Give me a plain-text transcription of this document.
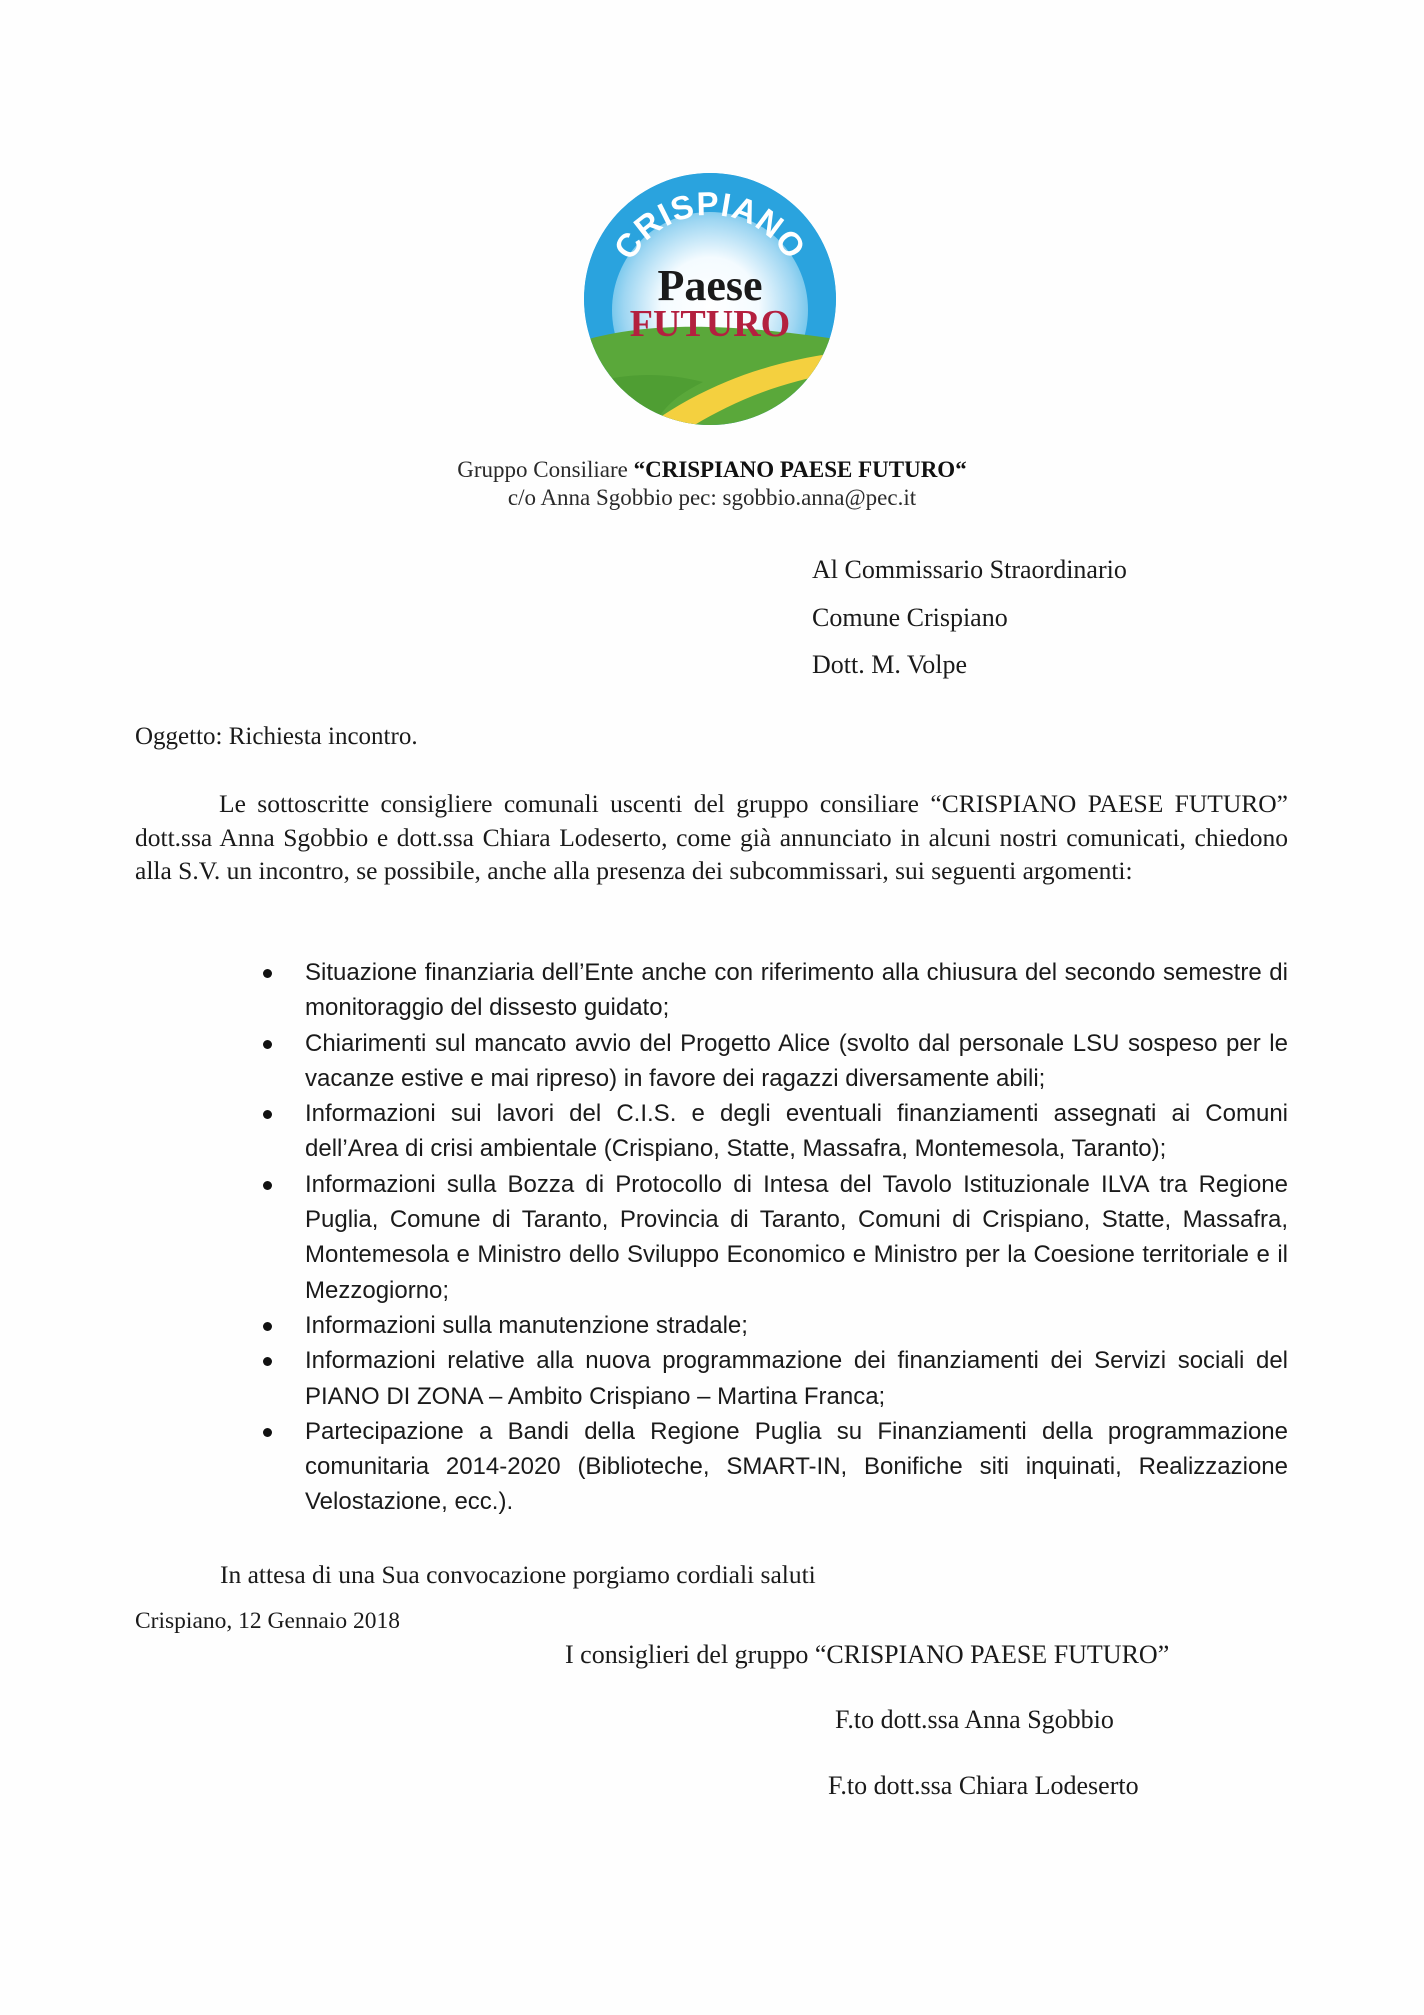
CRISPIANO
Paese
FUTURO
Gruppo Consiliare “CRISPIANO PAESE FUTURO“
c/o Anna Sgobbio pec: sgobbio.anna@pec.it
Al Commissario Straordinario
Comune Crispiano
Dott. M. Volpe
Oggetto: Richiesta incontro.
Le sottoscritte consigliere comunali uscenti del gruppo consiliare “CRISPIANO PAESE FUTURO” dott.ssa Anna Sgobbio e dott.ssa Chiara Lodeserto, come già annunciato in alcuni nostri comunicati, chiedono alla S.V. un incontro, se possibile, anche alla presenza dei subcommissari, sui seguenti argomenti:
Situazione finanziaria dell’Ente anche con riferimento alla chiusura del secondo semestre di monitoraggio del dissesto guidato;
Chiarimenti sul mancato avvio del Progetto Alice (svolto dal personale LSU sospeso per le vacanze estive e mai ripreso) in favore dei ragazzi diversamente abili;
Informazioni sui lavori del C.I.S. e degli eventuali finanziamenti assegnati ai Comuni dell’Area di crisi ambientale (Crispiano, Statte, Massafra, Montemesola, Taranto);
Informazioni sulla Bozza di Protocollo di Intesa del Tavolo Istituzionale ILVA tra Regione Puglia, Comune di Taranto, Provincia di Taranto, Comuni di Crispiano, Statte, Massafra, Montemesola e Ministro dello Sviluppo Economico e Ministro per la Coesione territoriale e il Mezzogiorno;
Informazioni sulla manutenzione stradale;
Informazioni relative alla nuova programmazione dei finanziamenti dei Servizi sociali del PIANO DI ZONA – Ambito Crispiano – Martina Franca;
Partecipazione a Bandi della Regione Puglia su Finanziamenti della programmazione comunitaria 2014-2020 (Biblioteche, SMART-IN, Bonifiche siti inquinati, Realizzazione Velostazione, ecc.).
In attesa di una Sua convocazione porgiamo cordiali saluti
Crispiano, 12 Gennaio 2018
I consiglieri del gruppo “CRISPIANO PAESE FUTURO”
F.to dott.ssa Anna Sgobbio
F.to dott.ssa Chiara Lodeserto
